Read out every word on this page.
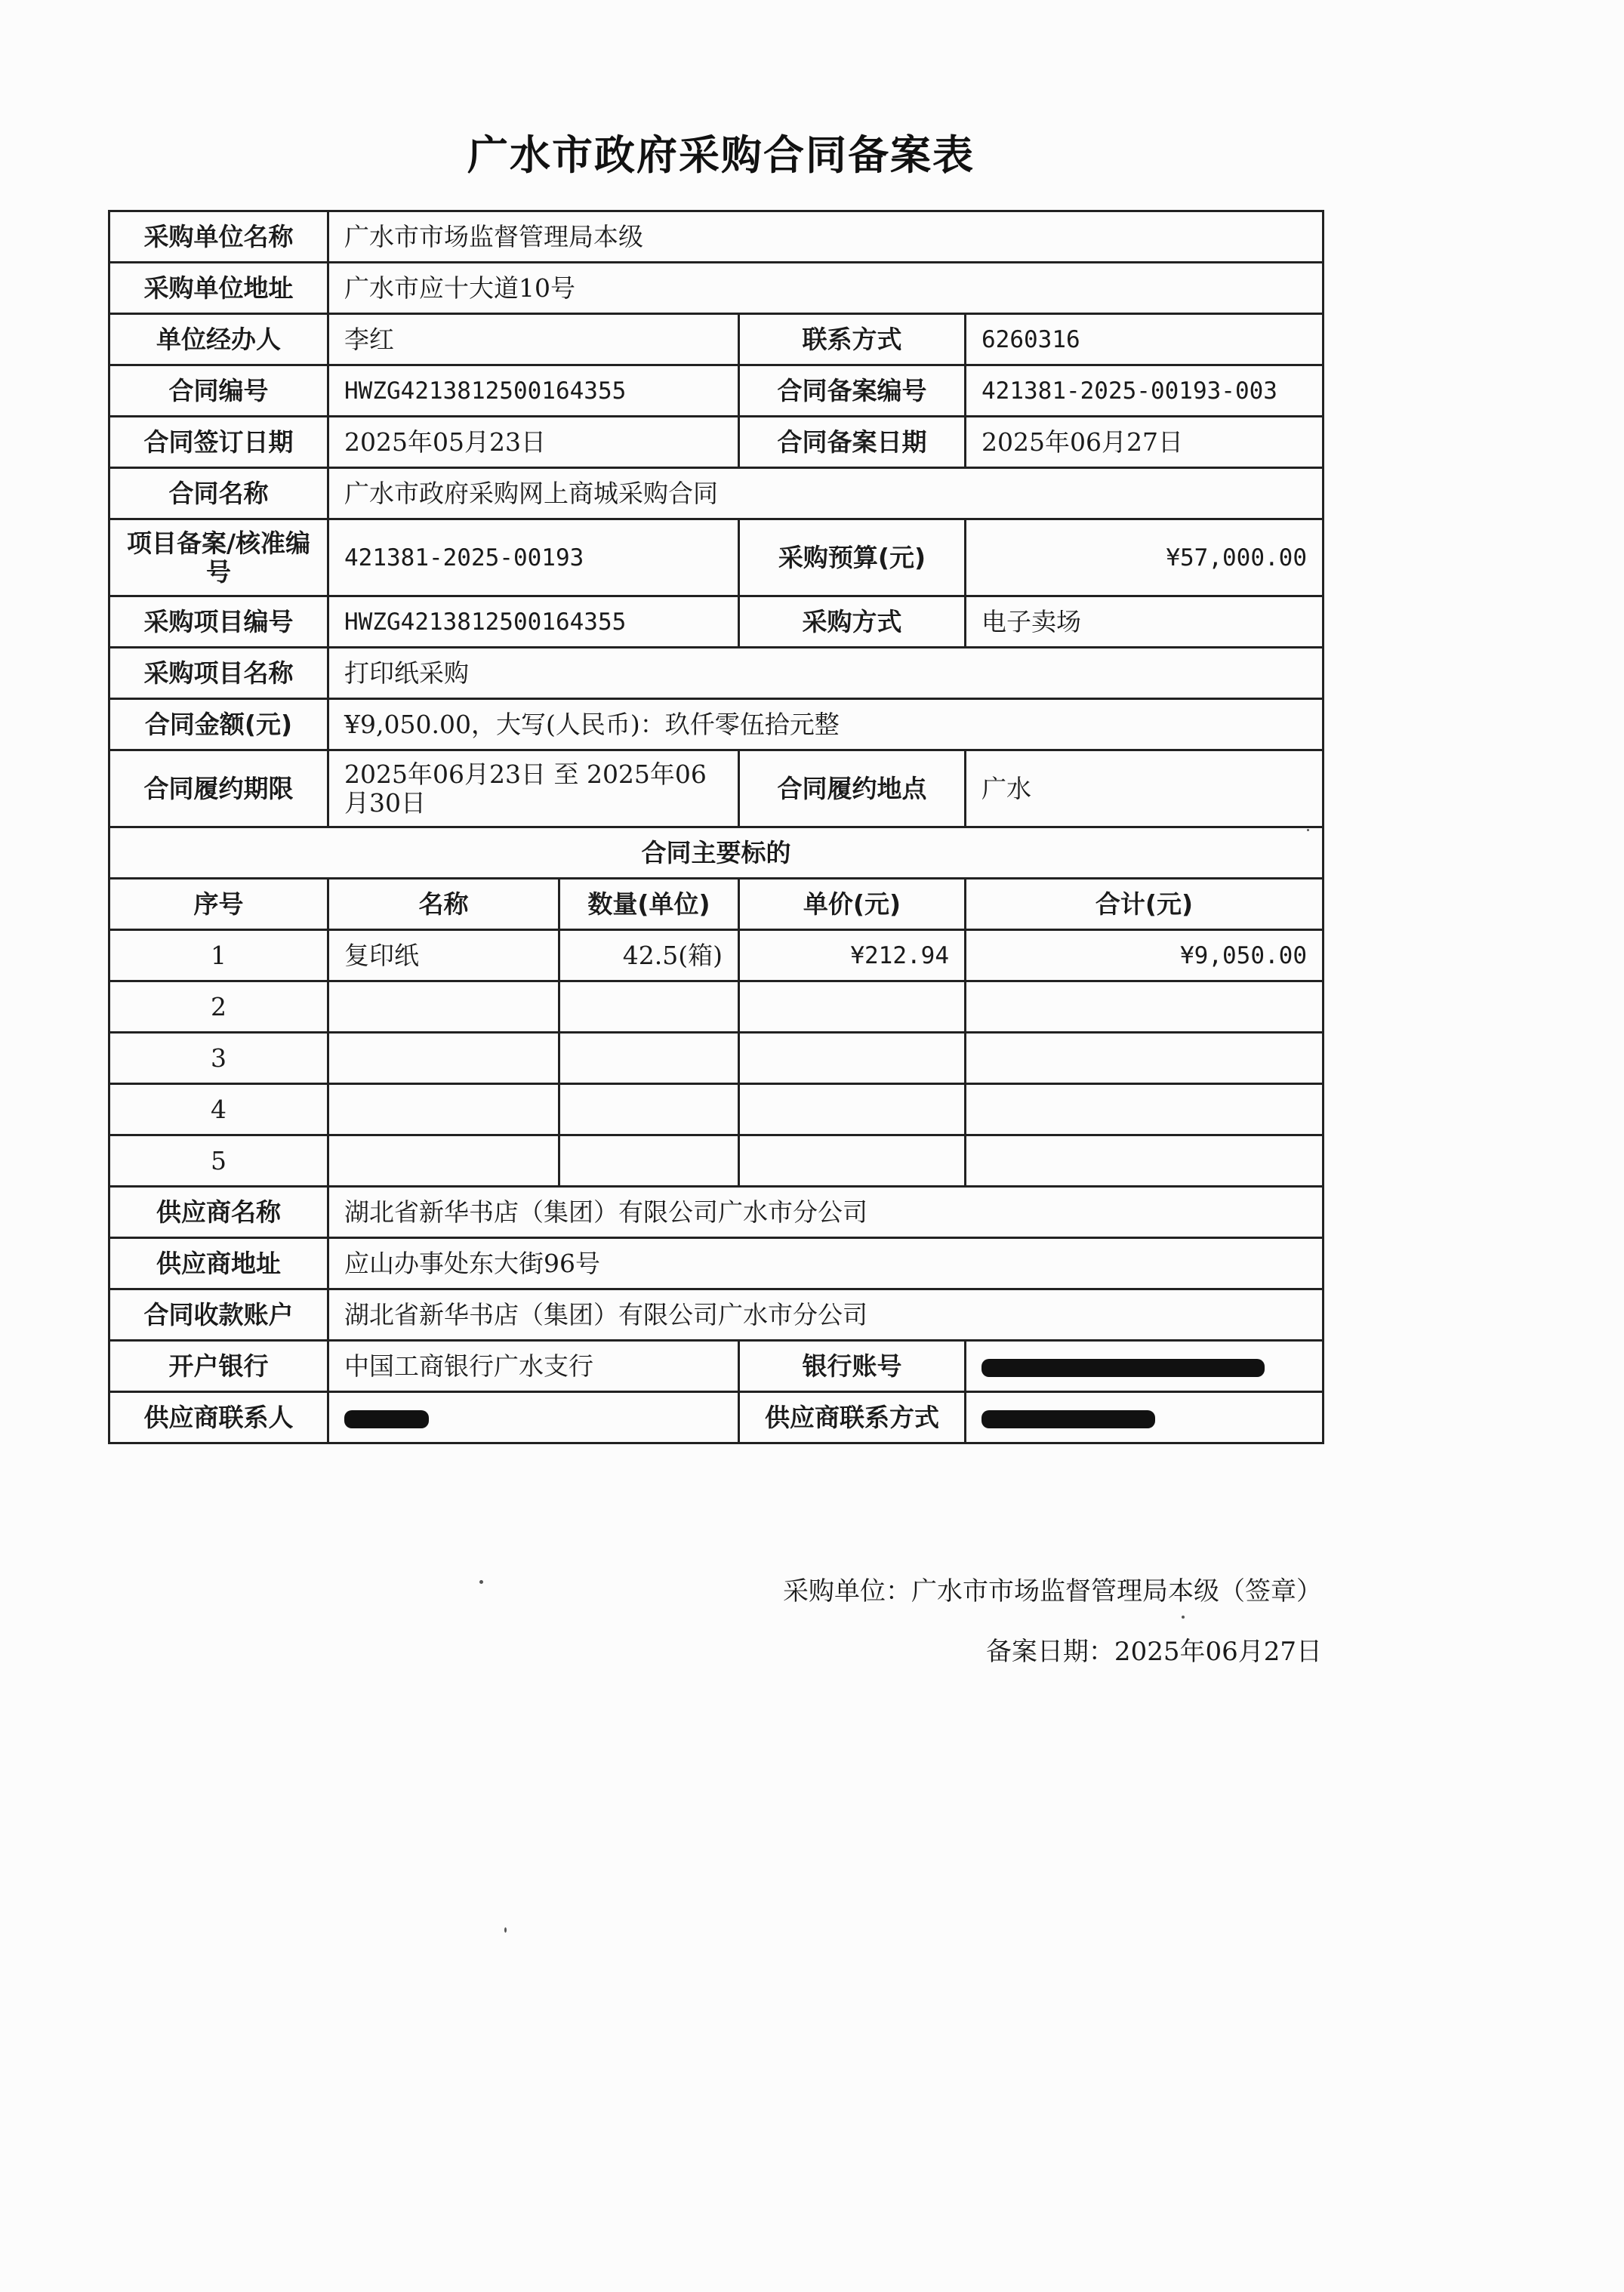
广水市政府采购合同备案表
采购单位名称	广水市市场监督管理局本级			
采购单位地址	广水市应十大道10号			
单位经办人	李红		联系方式	6260316
合同编号	HWZG4213812500164355		合同备案编号	421381-2025-00193-003
合同签订日期	2025年05月23日		合同备案日期	2025年06月27日
合同名称	广水市政府采购网上商城采购合同			
项目备案/核准编号	421381-2025-00193		采购预算(元)	¥57,000.00
采购项目编号	HWZG4213812500164355		采购方式	电子卖场
采购项目名称	打印纸采购			
合同金额(元)	¥9,050.00，大写(人民币)：玖仟零伍拾元整			
合同履约期限	2025年06月23日 至 2025年06月30日		合同履约地点	广水
合同主要标的				
序号	名称	数量(单位)	单价(元)	合计(元)
1	复印纸	42.5(箱)	¥212.94	¥9,050.00
2				
3				
4				
5				
供应商名称	湖北省新华书店（集团）有限公司广水市分公司			
供应商地址	应山办事处东大街96号			
合同收款账户	湖北省新华书店（集团）有限公司广水市分公司			
开户银行	中国工商银行广水支行		银行账号	
供应商联系人			供应商联系方式	
采购单位：广水市市场监督管理局本级（签章）
备案日期：2025年06月27日
